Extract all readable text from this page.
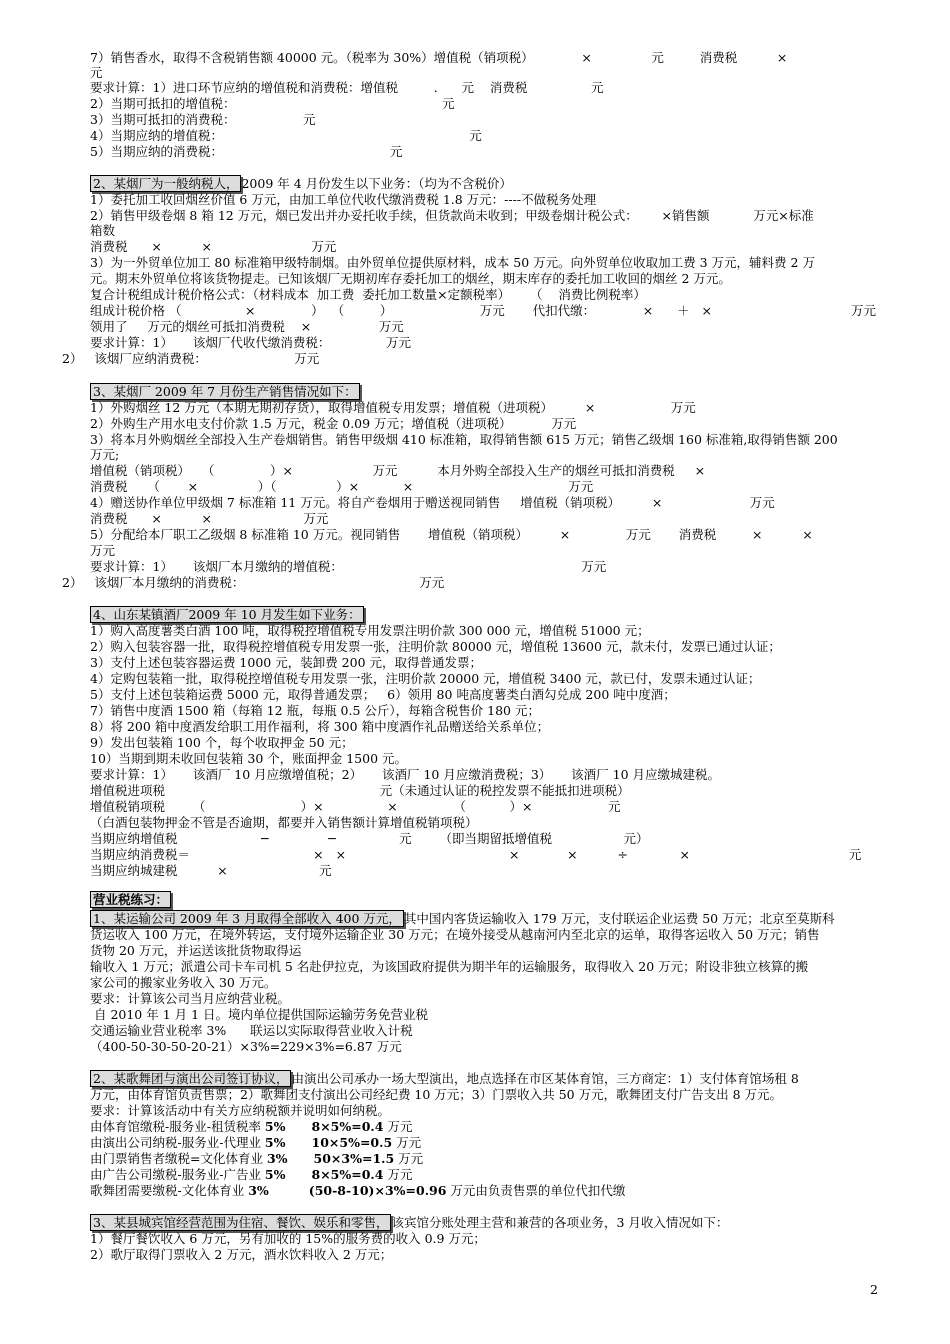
7）销售香水，取得不含税销售额 40000 元。（税率为 30%）增值税（销项税）            ×               元         消费税          ×
元
要求计算：1）进口环节应纳的增值税和消费税：增值税         .      元    消费税                元
2）当期可抵扣的增值税：                                                    元
3）当期可抵扣的消费税：                 元
4）当期应纳的增值税：                                                              元
5）当期应纳的消费税：                                          元
2、某烟厂为一般纳税人， 2009 年 4 月份发生以下业务：（均为不含税价）
1）委托加工收回烟丝价值 6 万元，由加工单位代收代缴消费税 1.8 万元：----不做税务处理
2）销售甲级卷烟 8 箱 12 万元，烟已发出并办妥托收手续，但货款尚未收到；甲级卷烟计税公式：      ×销售额           万元×标准
箱数
消费税      ×          ×                         万元
3）为一外贸单位加工 80 标准箱甲级特制烟。由外贸单位提供原材料，成本 50 万元。向外贸单位收取加工费 3 万元，辅料费 2 万
元。期末外贸单位将该货物提走。已知该烟厂无期初库存委托加工的烟丝，期末库存的委托加工收回的烟丝 2 万元。
复合计税组成计税价格公式：（材料成本  加工费  委托加工数量×定额税率）     （    消费比例税率）
组成计税价格 （                ×              ）  （         ）                      万元       代扣代缴：            ×      ＋   ×                                   万元
领用了     万元的烟丝可抵扣消费税    ×                 万元
要求计算：1）     该烟厂代收代缴消费税：              万元
2）   该烟厂应纳消费税：                      万元
3、某烟厂 2009 年 7 月份生产销售情况如下：
1）外购烟丝 12 万元（本期无期初存货），取得增值税专用发票；增值税（进项税）        ×                   万元
2）外购生产用水电支付价款 1.5 万元，税金 0.09 万元；增值税（进项税）          万元
3）将本月外购烟丝全部投入生产卷烟销售。销售甲级烟 410 标准箱，取得销售额 615 万元；销售乙级烟 160 标准箱,取得销售额 200
万元;
增值税（销项税）   （              ）×                    万元          本月外购全部投入生产的烟丝可抵扣消费税     ×
消费税     （       ×               ）（               ）×           ×                                       万元
4）赠送协作单位甲级烟 7 标准箱 11 万元。将自产卷烟用于赠送视同销售     增值税（销项税）        ×                      万元
消费税      ×          ×                       万元
5）分配给本厂职工乙级烟 8 标准箱 10 万元。视同销售       增值税（销项税）        ×              万元       消费税         ×          ×
万元
要求计算：1）     该烟厂本月缴纳的增值税：                                                            万元
2）   该烟厂本月缴纳的消费税：                                            万元
4、山东某镇酒厂2009 年 10 月发生如下业务：
1）购入高度薯类白酒 100 吨，取得税控增值税专用发票注明价款 300 000 元，增值税 51000 元；
2）购入包装容器一批，取得税控增值税专用发票一张，注明价款 80000 元，增值税 13600 元，款未付，发票已通过认证；
3）支付上述包装容器运费 1000 元，装卸费 200 元，取得普通发票；
4）定购包装箱一批，取得税控增值税专用发票一张，注明价款 20000 元，增值税 3400 元，款已付，发票未通过认证；
5）支付上述包装箱运费 5000 元，取得普通发票；   6）领用 80 吨高度薯类白酒勾兑成 200 吨中度酒；
7）销售中度酒 1500 箱（每箱 12 瓶，每瓶 0.5 公斤），每箱含税售价 180 元；
8）将 200 箱中度酒发给职工用作福利，将 300 箱中度酒作礼品赠送给关系单位；
9）发出包装箱 100 个，每个收取押金 50 元；
10）当期到期未收回包装箱 30 个，账面押金 1500 元。
要求计算：1）     该酒厂 10 月应缴增值税；2）     该酒厂 10 月应缴消费税；3）     该酒厂 10 月应缴城建税。
增值税进项税                                                      元（未通过认证的税控发票不能抵扣进项税）
增值税销项税       （                        ）×                ×              （           ）×                   元
（白酒包装物押金不管是否逾期，都要并入销售额计算增值税销项税）
当期应纳增值税                     ─               ─                元       （即当期留抵增值税                  元）
当期应纳消费税＝                               ×   ×                                         ×            ×          ÷             ×                                        元
当期应纳城建税          ×                       元
营业税练习：
1、某运输公司 2009 年 3 月取得全部收入 400 万元， 其中国内客货运输收入 179 万元，支付联运企业运费 50 万元；北京至莫斯科
货运收入 100 万元，在境外转运，支付境外运输企业 30 万元；在境外接受从越南河内至北京的运单，取得客运收入 50 万元；销售
货物 20 万元，并运送该批货物取得运
输收入 1 万元；派遣公司卡车司机 5 名赴伊拉克，为该国政府提供为期半年的运输服务，取得收入 20 万元；附设非独立核算的搬
家公司的搬家业务收入 30 万元。
要求：计算该公司当月应纳营业税。
自 2010 年 1 月 1 日。境内单位提供国际运输劳务免营业税
交通运输业营业税率 3%      联运以实际取得营业收入计税
（400-50-30-50-20-21）×3%=229×3%=6.87 万元
2、某歌舞团与演出公司签订协议， 由演出公司承办一场大型演出，地点选择在市区某体育馆，三方商定：1）支付体育馆场租 8
万元，由体育馆负责售票；2）歌舞团支付演出公司经纪费 10 万元；3）门票收入共 50 万元，歌舞团支付广告支出 8 万元。
要求：计算该活动中有关方应纳税额并说明如何纳税。
由体育馆缴税-服务业-租赁税率 5% 8×5%=0.4 万元
由演出公司纳税-服务业-代理业 5% 10×5%=0.5 万元
由门票销售者缴税=文化体育业 3% 50×3%=1.5 万元
由广告公司缴税-服务业-广告业 5% 8×5%=0.4 万元
歌舞团需要缴税-文化体育业 3%	(50-8-10)×3%=0.96 万元由负责售票的单位代扣代缴
3、某县城宾馆经营范围为住宿、餐饮、娱乐和零售， 该宾馆分账处理主营和兼营的各项业务，3 月收入情况如下：
1）餐厅餐饮收入 6 万元，另有加收的 15%的服务费的收入 0.9 万元；
2）歌厅取得门票收入 2 万元，酒水饮料收入 2 万元；
2
